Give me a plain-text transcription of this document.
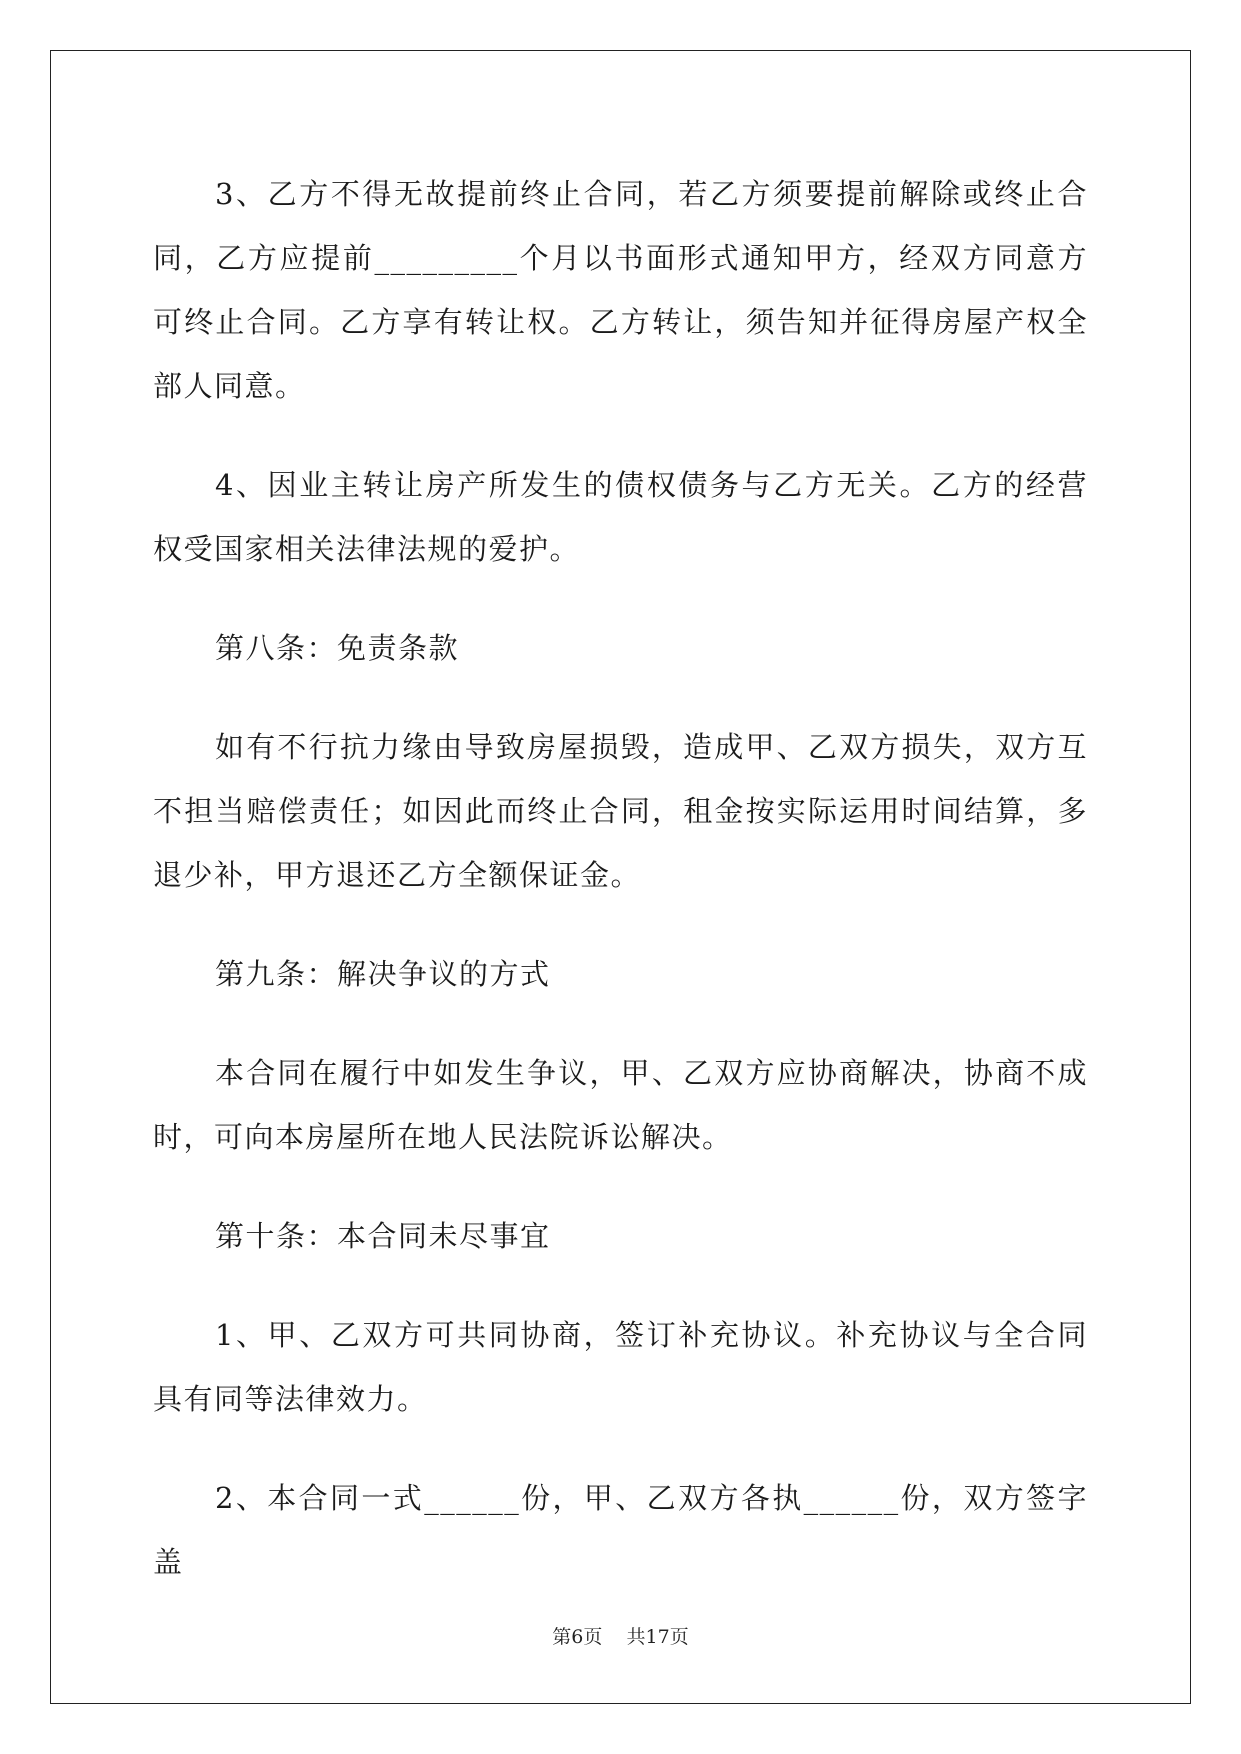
3、乙方不得无故提前终止合同，若乙方须要提前解除或终止合同，乙方应提前_________个月以书面形式通知甲方，经双方同意方可终止合同。乙方享有转让权。乙方转让，须告知并征得房屋产权全部人同意。

4、因业主转让房产所发生的债权债务与乙方无关。乙方的经营权受国家相关法律法规的爱护。

第八条：免责条款

如有不行抗力缘由导致房屋损毁，造成甲、乙双方损失，双方互不担当赔偿责任；如因此而终止合同，租金按实际运用时间结算，多退少补，甲方退还乙方全额保证金。

第九条：解决争议的方式

本合同在履行中如发生争议，甲、乙双方应协商解决，协商不成时，可向本房屋所在地人民法院诉讼解决。

第十条：本合同未尽事宜

1、甲、乙双方可共同协商，签订补充协议。补充协议与全合同具有同等法律效力。

2、本合同一式______份，甲、乙双方各执______份，双方签字盖

第6页 共17页
